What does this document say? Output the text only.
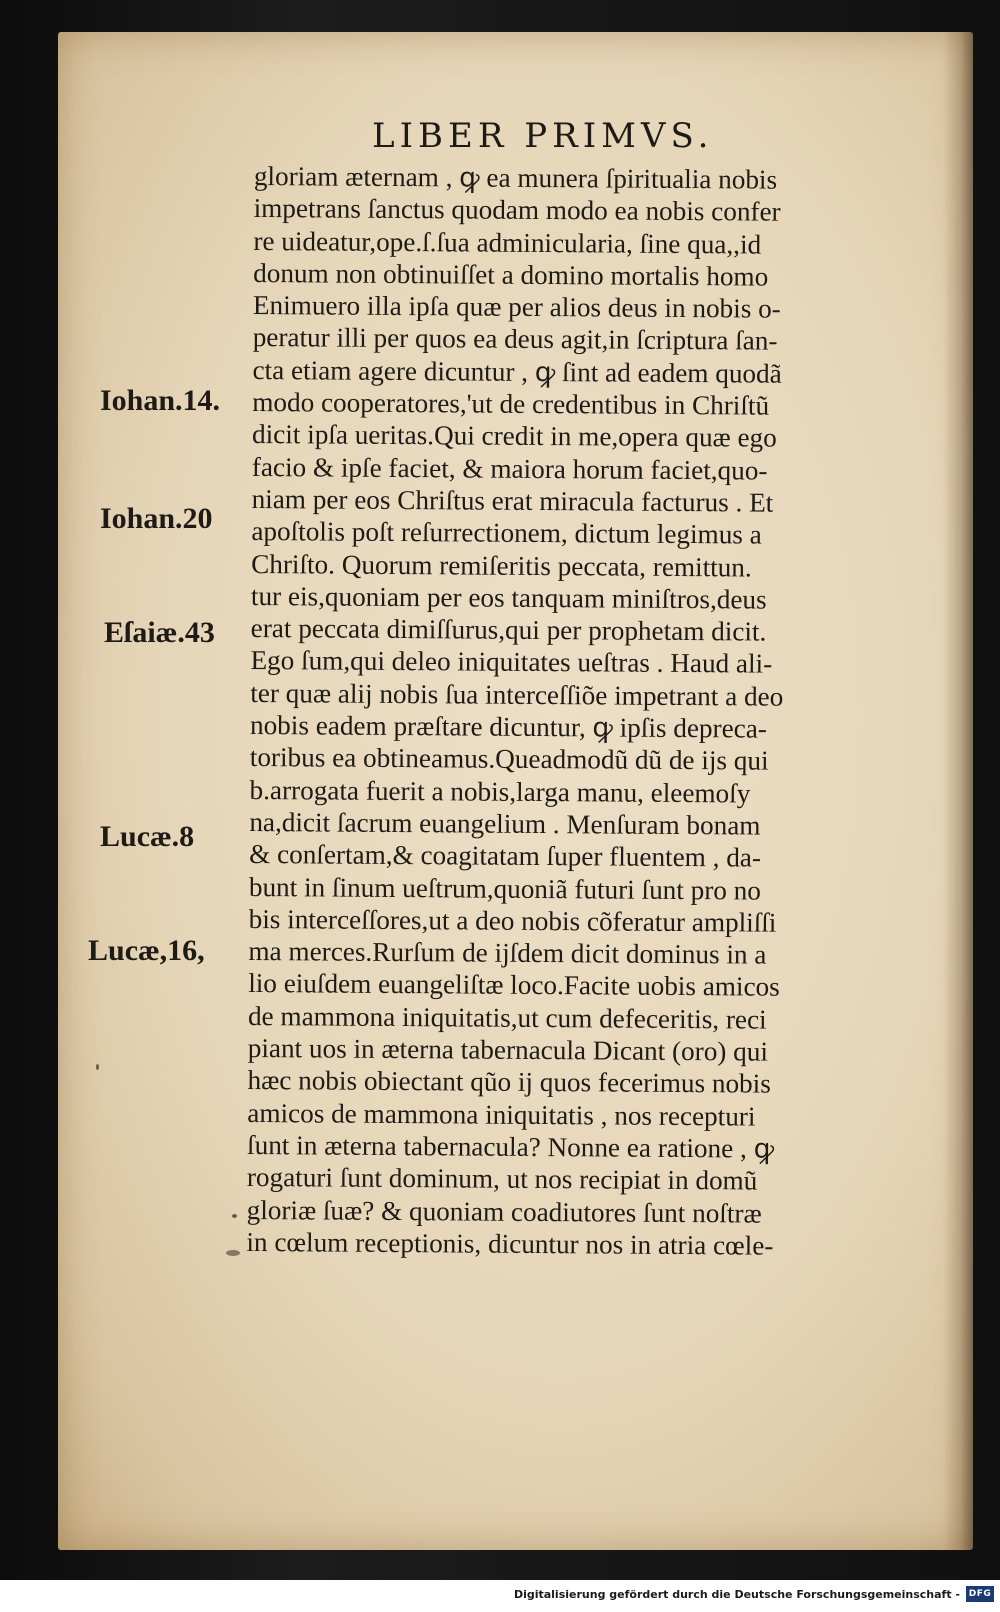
LIBER PRIMVS.
gloriam æternam , ꝙ ea munera ſpiritualia nobis
impetrans ſanctus quodam modo ea nobis confer
re uideatur,ope.ſ.ſua adminicularia, ſine qua,,id
donum non obtinuiſſet a domino mortalis homo
Enimuero illa ipſa quæ per alios deus in nobis o-
peratur illi per quos ea deus agit,in ſcriptura ſan-
cta etiam agere dicuntur , ꝙ ſint ad eadem quodã
modo cooperatores,'ut de credentibus in Chriſtũ
dicit ipſa ueritas.Qui credit in me,opera quæ ego
facio & ipſe faciet, & maiora horum faciet,quo-
niam per eos Chriſtus erat miracula facturus . Et
apoſtolis poſt reſurrectionem, dictum legimus a
Chriſto. Quorum remiſeritis peccata, remittun.
tur eis,quoniam per eos tanquam miniſtros,deus
erat peccata dimiſſurus,qui per prophetam dicit.
Ego ſum,qui deleo iniquitates ueſtras . Haud ali-
ter quæ alij nobis ſua interceſſiõe impetrant a deo
nobis eadem præſtare dicuntur, ꝙ ipſis depreca-
toribus ea obtineamus.Queadmodũ dũ de ijs qui
b.arrogata fuerit a nobis,larga manu, eleemoſy
na,dicit ſacrum euangelium . Menſuram bonam
& conſertam,& coagitatam ſuper fluentem , da-
bunt in ſinum ueſtrum,quoniã futuri ſunt pro no
bis interceſſores,ut a deo nobis cõferatur ampliſſi
ma merces.Rurſum de ijſdem dicit dominus in a
lio eiuſdem euangeliſtæ loco.Facite uobis amicos
de mammona iniquitatis,ut cum defeceritis, reci
piant uos in æterna tabernacula Dicant (oro) qui
hæc nobis obiectant qũo ij quos fecerimus nobis
amicos de mammona iniquitatis , nos recepturi
ſunt in æterna tabernacula? Nonne ea ratione , ꝙ
rogaturi ſunt dominum, ut nos recipiat in domũ
gloriæ ſuæ? & quoniam coadiutores ſunt noſtræ
in cœlum receptionis, dicuntur nos in atria cœle-
Iohan.14.
Iohan.20
Eſaiæ.43
Lucæ.8
Lucæ,16,
Digitalisierung gefördert durch die Deutsche Forschungsgemeinschaft - DFG
